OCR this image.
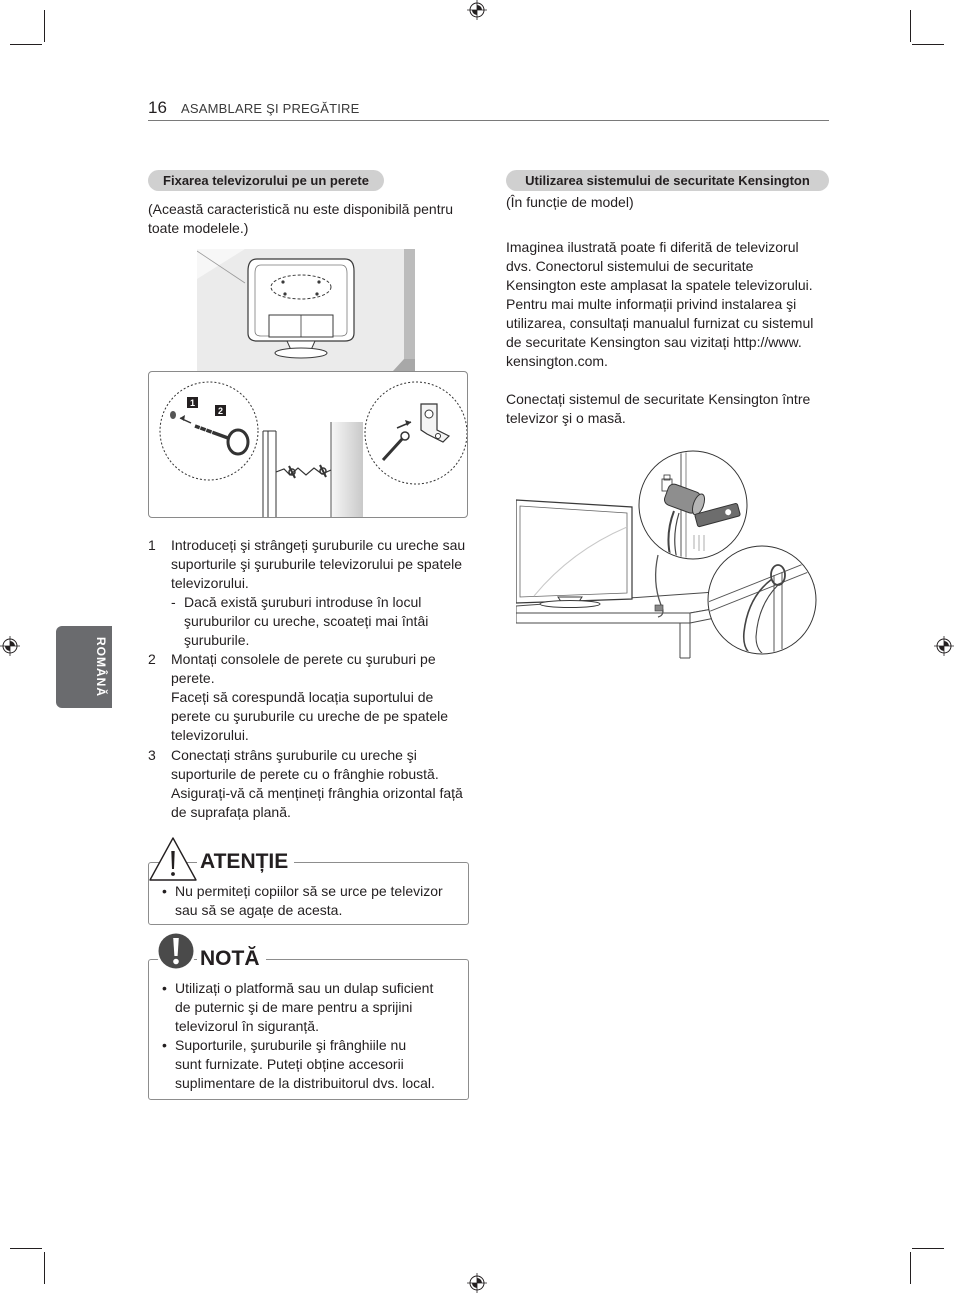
16 ASAMBLARE ŞI PREGĂTIRE
ROMÂNĂ
Fixarea televizorului pe un perete
(Această caracteristică nu este disponibilă pentru
toate modelele.)
1
2
1 Introduceți şi strângeți şuruburile cu ureche sau
suporturile şi şuruburile televizorului pe spatele
televizorului.
- Dacă există şuruburi introduse în locul
şuruburilor cu ureche, scoateți mai întâi
şuruburile.
2 Montați consolele de perete cu şuruburi pe
perete.
Faceți să corespundă locația suportului de
perete cu şuruburile cu ureche de pe spatele
televizorului.
3 Conectați strâns şuruburile cu ureche şi
suporturile de perete cu o frânghie robustă.
Asigurați-vă că mențineți frânghia orizontal față
de suprafața plană.
ATENȚIE
• Nu permiteți copiilor să se urce pe televizor
sau să se agațe de acesta.
NOTĂ
• Utilizați o platformă sau un dulap suficient
de puternic şi de mare pentru a sprijini
televizorul în siguranță.
• Suporturile, şuruburile şi frânghiile nu
sunt furnizate. Puteți obține accesorii
suplimentare de la distribuitorul dvs. local.
Utilizarea sistemului de securitate Kensington
(În funcție de model)
Imaginea ilustrată poate fi diferită de televizorul
dvs. Conectorul sistemului de securitate
Kensington este amplasat la spatele televizorului.
Pentru mai multe informații privind instalarea şi
utilizarea, consultați manualul furnizat cu sistemul
de securitate Kensington sau vizitați http://www.
kensington.com.
Conectați sistemul de securitate Kensington între
televizor şi o masă.
